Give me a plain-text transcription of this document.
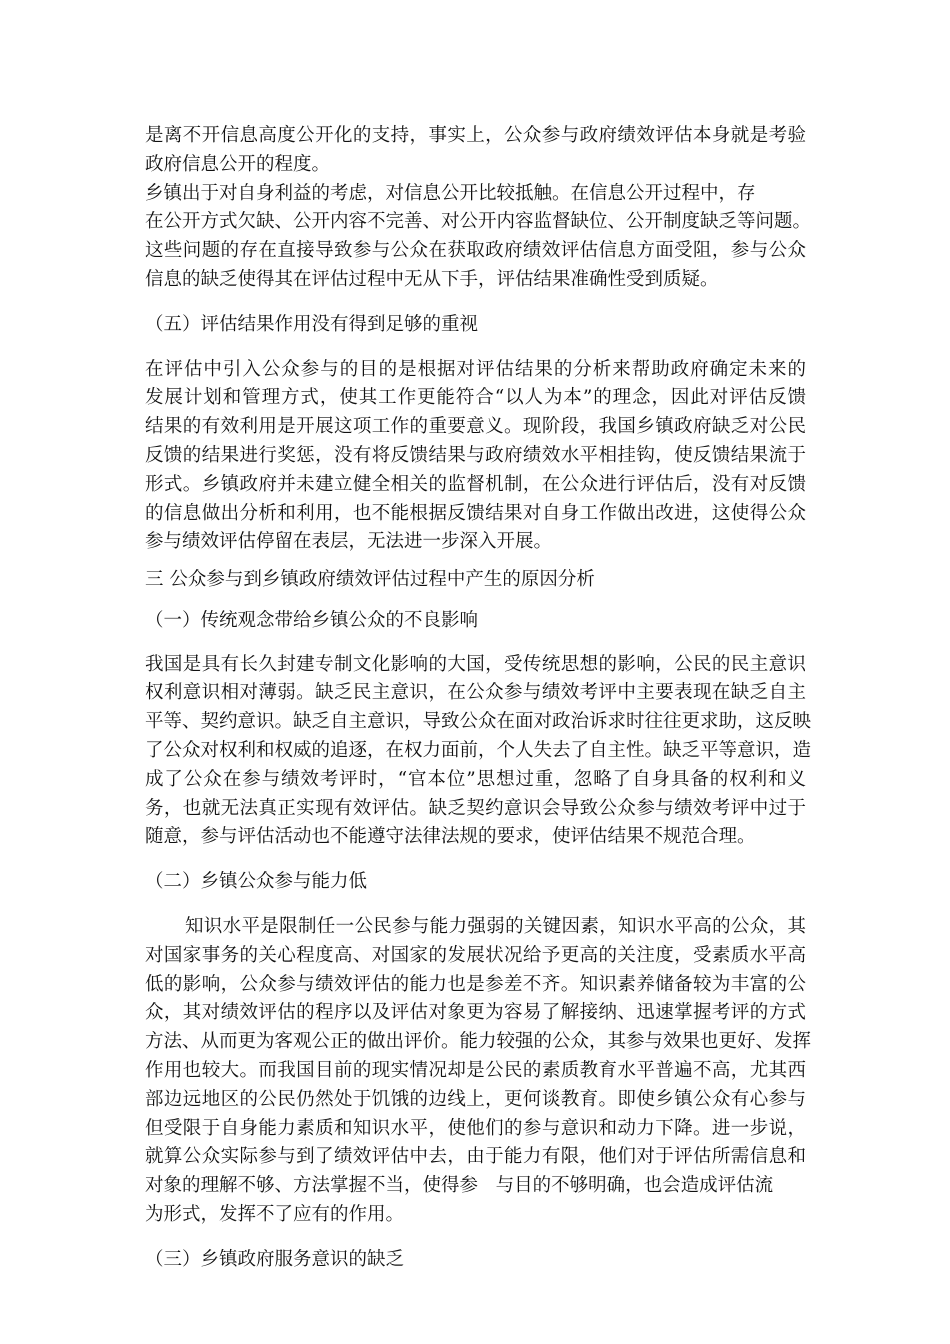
是离不开信息高度公开化的支持，事实上，公众参与政府绩效评估本身就是考验
政府信息公开的程度。
乡镇出于对自身利益的考虑，对信息公开比较抵触。在信息公开过程中，存
在公开方式欠缺、公开内容不完善、对公开内容监督缺位、公开制度缺乏等问题。
这些问题的存在直接导致参与公众在获取政府绩效评估信息方面受阻，参与公众
信息的缺乏使得其在评估过程中无从下手，评估结果准确性受到质疑。
（五）评估结果作用没有得到足够的重视
在评估中引入公众参与的目的是根据对评估结果的分析来帮助政府确定未来的
发展计划和管理方式，使其工作更能符合“以人为本”的理念，因此对评估反馈
结果的有效利用是开展这项工作的重要意义。现阶段，我国乡镇政府缺乏对公民
反馈的结果进行奖惩，没有将反馈结果与政府绩效水平相挂钩，使反馈结果流于
形式。乡镇政府并未建立健全相关的监督机制，在公众进行评估后，没有对反馈
的信息做出分析和利用，也不能根据反馈结果对自身工作做出改进，这使得公众
参与绩效评估停留在表层，无法进一步深入开展。
三 公众参与到乡镇政府绩效评估过程中产生的原因分析
（一）传统观念带给乡镇公众的不良影响
我国是具有长久封建专制文化影响的大国，受传统思想的影响，公民的民主意识
权利意识相对薄弱。缺乏民主意识，在公众参与绩效考评中主要表现在缺乏自主
平等、契约意识。缺乏自主意识，导致公众在面对政治诉求时往往更求助，这反映
了公众对权利和权威的追逐，在权力面前，个人失去了自主性。缺乏平等意识，造
成了公众在参与绩效考评时，“官本位”思想过重，忽略了自身具备的权利和义
务，也就无法真正实现有效评估。缺乏契约意识会导致公众参与绩效考评中过于
随意，参与评估活动也不能遵守法律法规的要求，使评估结果不规范合理。
（二）乡镇公众参与能力低
知识水平是限制任一公民参与能力强弱的关键因素，知识水平高的公众，其
对国家事务的关心程度高、对国家的发展状况给予更高的关注度，受素质水平高
低的影响，公众参与绩效评估的能力也是参差不齐。知识素养储备较为丰富的公
众，其对绩效评估的程序以及评估对象更为容易了解接纳、迅速掌握考评的方式
方法、从而更为客观公正的做出评价。能力较强的公众，其参与效果也更好、发挥
作用也较大。而我国目前的现实情况却是公民的素质教育水平普遍不高，尤其西
部边远地区的公民仍然处于饥饿的边线上，更何谈教育。即使乡镇公众有心参与
但受限于自身能力素质和知识水平，使他们的参与意识和动力下降。进一步说，
就算公众实际参与到了绩效评估中去，由于能力有限，他们对于评估所需信息和
对象的理解不够、方法掌握不当，使得参   与目的不够明确，也会造成评估流
为形式，发挥不了应有的作用。
（三）乡镇政府服务意识的缺乏
